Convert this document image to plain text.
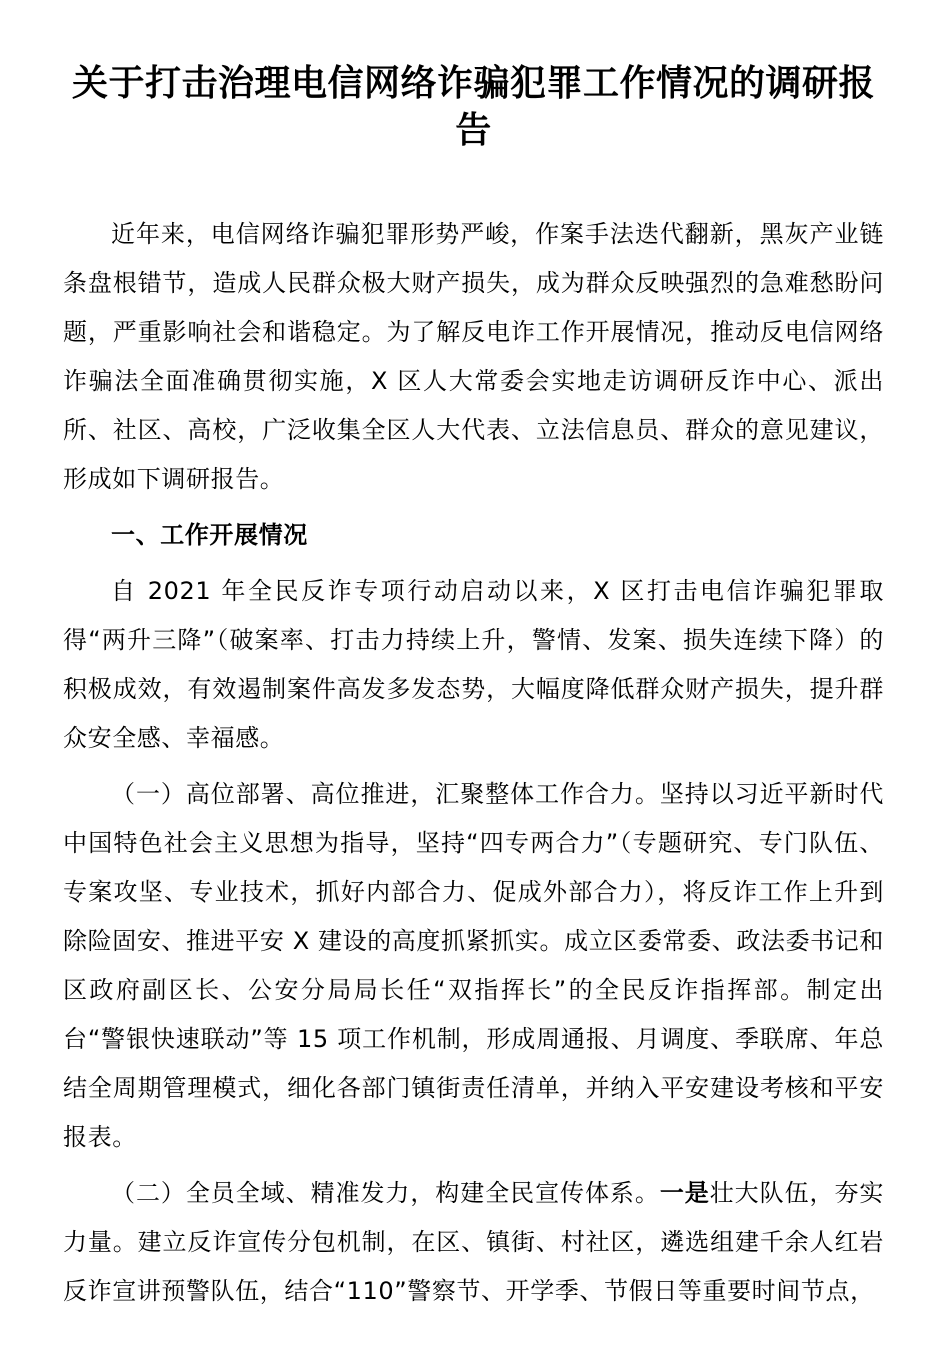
关于打击治理电信网络诈骗犯罪工作情况的调研报告

近年来，电信网络诈骗犯罪形势严峻，作案手法迭代翻新，黑灰产业链条盘根错节，造成人民群众极大财产损失，成为群众反映强烈的急难愁盼问题，严重影响社会和谐稳定。为了解反电诈工作开展情况，推动反电信网络诈骗法全面准确贯彻实施，X 区人大常委会实地走访调研反诈中心、派出所、社区、高校，广泛收集全区人大代表、立法信息员、群众的意见建议，形成如下调研报告。

一、工作开展情况

自 2021 年全民反诈专项行动启动以来，X 区打击电信诈骗犯罪取得“两升三降”（破案率、打击力持续上升，警情、发案、损失连续下降）的积极成效，有效遏制案件高发多发态势，大幅度降低群众财产损失，提升群众安全感、幸福感。

（一）高位部署、高位推进，汇聚整体工作合力。坚持以习近平新时代中国特色社会主义思想为指导，坚持“四专两合力”（专题研究、专门队伍、专案攻坚、专业技术，抓好内部合力、促成外部合力），将反诈工作上升到除险固安、推进平安 X 建设的高度抓紧抓实。成立区委常委、政法委书记和区政府副区长、公安分局局长任“双指挥长”的全民反诈指挥部。制定出台“警银快速联动”等 15 项工作机制，形成周通报、月调度、季联席、年总结全周期管理模式，细化各部门镇街责任清单，并纳入平安建设考核和平安报表。

（二）全员全域、精准发力，构建全民宣传体系。一是壮大队伍，夯实力量。建立反诈宣传分包机制，在区、镇街、村社区，遴选组建千余人红岩反诈宣讲预警队伍，结合“110”警察节、开学季、节假日等重要时间节点，
